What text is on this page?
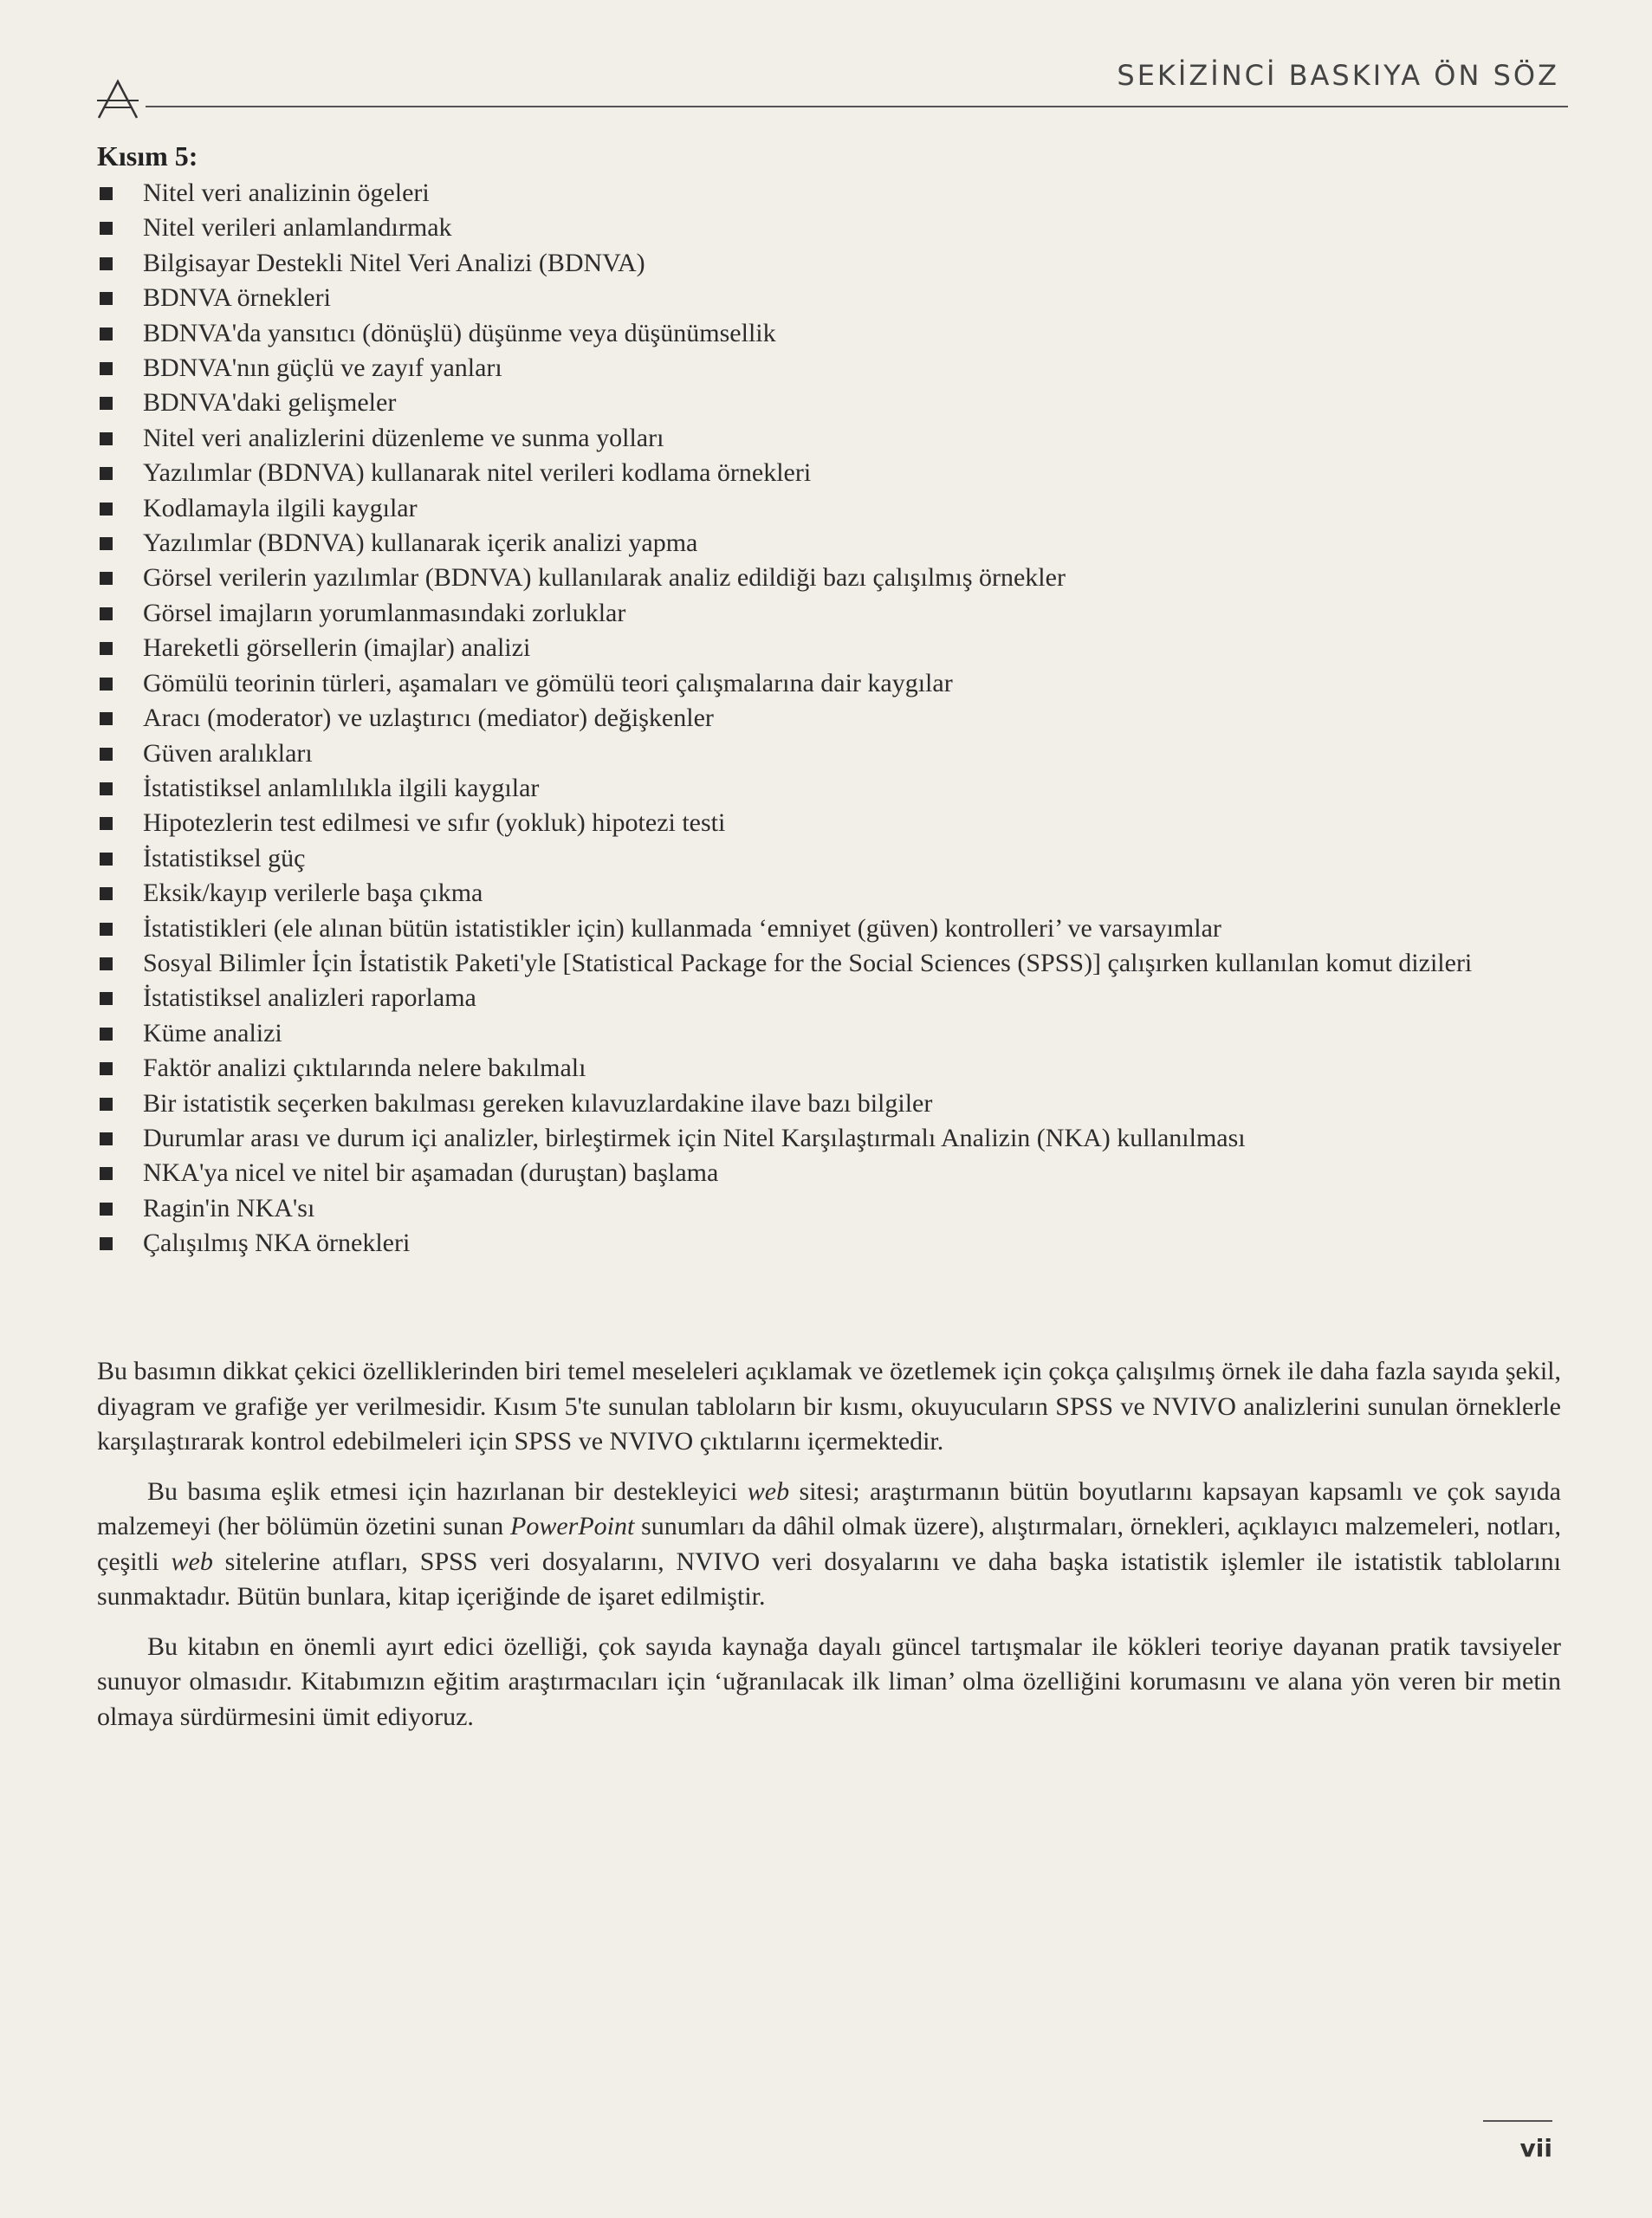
SEKİZİNCİ BASKIYA ÖN SÖZ
Kısım 5:
Nitel veri analizinin ögeleri
Nitel verileri anlamlandırmak
Bilgisayar Destekli Nitel Veri Analizi (BDNVA)
BDNVA örnekleri
BDNVA'da yansıtıcı (dönüşlü) düşünme veya düşünümsellik
BDNVA'nın güçlü ve zayıf yanları
BDNVA'daki gelişmeler
Nitel veri analizlerini düzenleme ve sunma yolları
Yazılımlar (BDNVA) kullanarak nitel verileri kodlama örnekleri
Kodlamayla ilgili kaygılar
Yazılımlar (BDNVA) kullanarak içerik analizi yapma
Görsel verilerin yazılımlar (BDNVA) kullanılarak analiz edildiği bazı çalışılmış örnekler
Görsel imajların yorumlanmasındaki zorluklar
Hareketli görsellerin (imajlar) analizi
Gömülü teorinin türleri, aşamaları ve gömülü teori çalışmalarına dair kaygılar
Aracı (moderator) ve uzlaştırıcı (mediator) değişkenler
Güven aralıkları
İstatistiksel anlamlılıkla ilgili kaygılar
Hipotezlerin test edilmesi ve sıfır (yokluk) hipotezi testi
İstatistiksel güç
Eksik/kayıp verilerle başa çıkma
İstatistikleri (ele alınan bütün istatistikler için) kullanmada ‘emniyet (güven) kontrolleri’ ve varsayımlar
Sosyal Bilimler İçin İstatistik Paketi'yle [Statistical Package for the Social Sciences (SPSS)] çalışırken kullanılan komut dizileri
İstatistiksel analizleri raporlama
Küme analizi
Faktör analizi çıktılarında nelere bakılmalı
Bir istatistik seçerken bakılması gereken kılavuzlardakine ilave bazı bilgiler
Durumlar arası ve durum içi analizler, birleştirmek için Nitel Karşılaştırmalı Analizin (NKA) kullanılması
NKA'ya nicel ve nitel bir aşamadan (duruştan) başlama
Ragin'in NKA'sı
Çalışılmış NKA örnekleri

Bu basımın dikkat çekici özelliklerinden biri temel meseleleri açıklamak ve özetlemek için çokça çalışılmış örnek ile daha fazla sayıda şekil, diyagram ve grafiğe yer verilmesidir. Kısım 5'te sunulan tabloların bir kısmı, okuyucuların SPSS ve NVIVO analizlerini sunulan örneklerle karşılaştırarak kontrol edebilmeleri için SPSS ve NVIVO çıktılarını içermektedir.

Bu basıma eşlik etmesi için hazırlanan bir destekleyici web sitesi; araştırmanın bütün boyutlarını kapsayan kapsamlı ve çok sayıda malzemeyi (her bölümün özetini sunan PowerPoint sunumları da dâhil olmak üzere), alıştırmaları, örnekleri, açıklayıcı malzemeleri, notları, çeşitli web sitelerine atıfları, SPSS veri dosyalarını, NVIVO veri dosyalarını ve daha başka istatistik işlemler ile istatistik tablolarını sunmaktadır. Bütün bunlara, kitap içeriğinde de işaret edilmiştir.

Bu kitabın en önemli ayırt edici özelliği, çok sayıda kaynağa dayalı güncel tartışmalar ile kökleri teoriye dayanan pratik tavsiyeler sunuyor olmasıdır. Kitabımızın eğitim araştırmacıları için ‘uğranılacak ilk liman’ olma özelliğini korumasını ve alana yön veren bir metin olmaya sürdürmesini ümit ediyoruz.

vii
